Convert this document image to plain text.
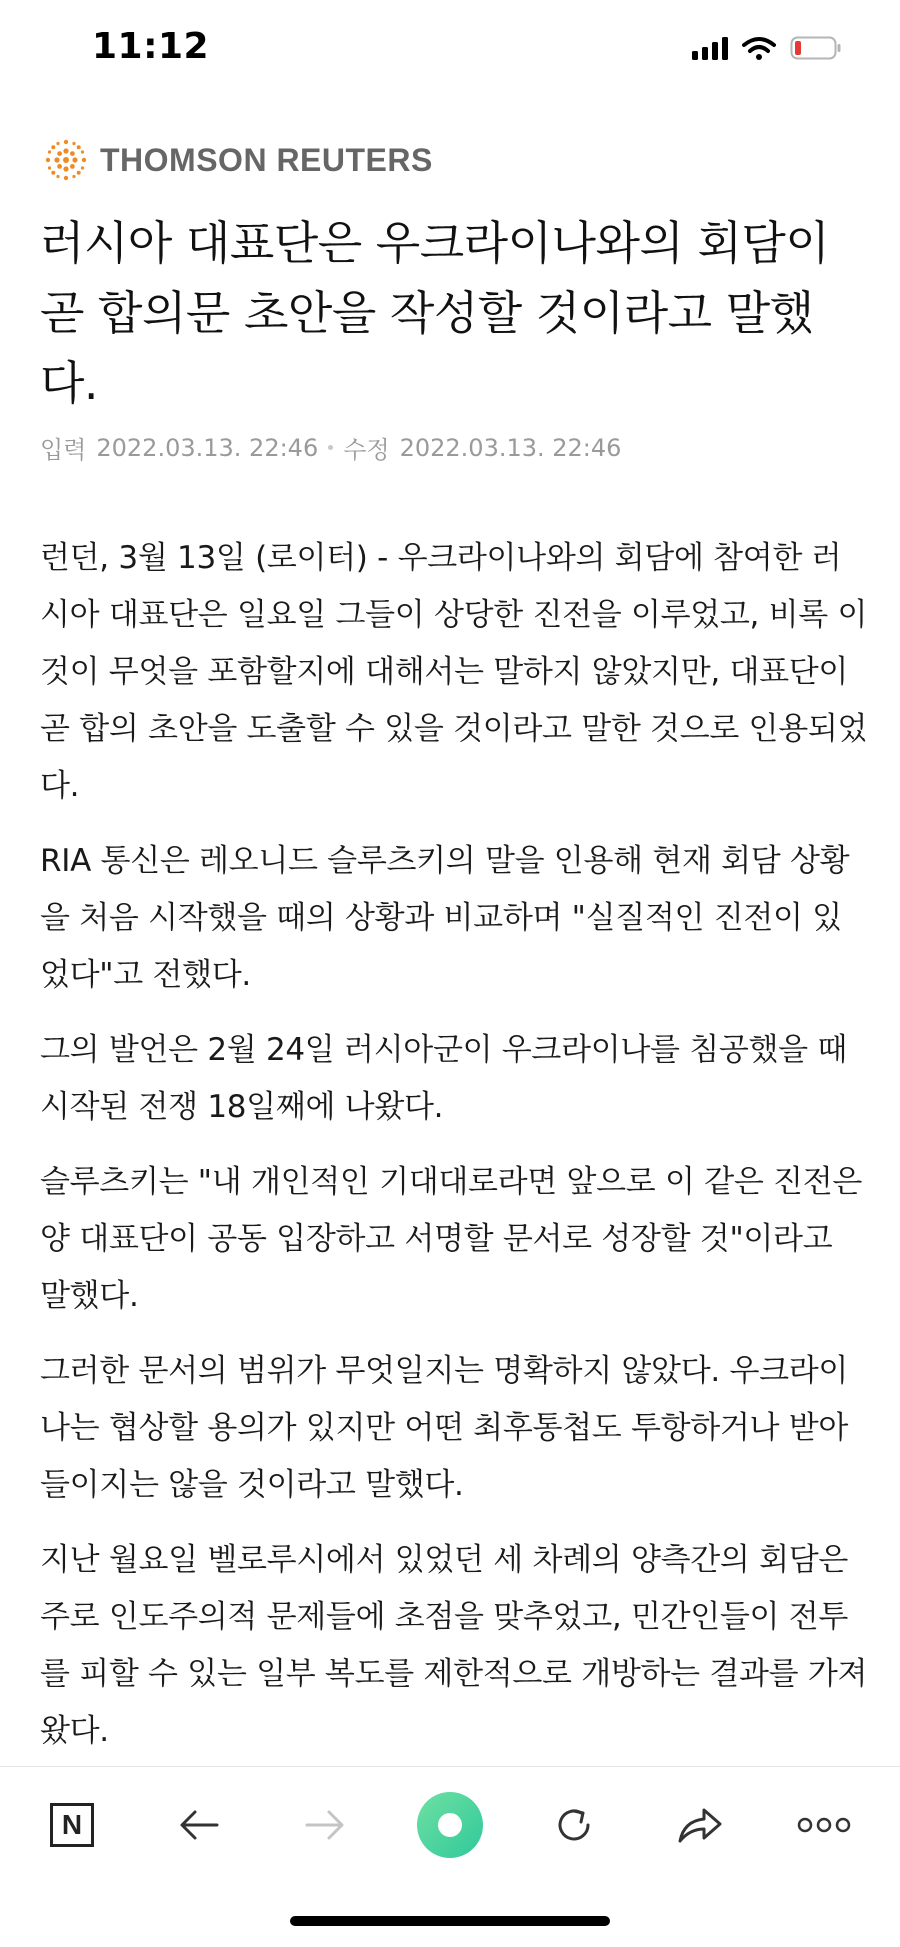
11:12
THOMSON REUTERS
러시아 대표단은 우크라이나와의 회담이 곧 합의문 초안을 작성할 것이라고 말했다.
입력 2022.03.13. 22:46 수정 2022.03.13. 22:46

런던, 3월 13일 (로이터) - 우크라이나와의 회담에 참여한 러시아 대표단은 일요일 그들이 상당한 진전을 이루었고, 비록 이것이 무엇을 포함할지에 대해서는 말하지 않았지만, 대표단이 곧 합의 초안을 도출할 수 있을 것이라고 말한 것으로 인용되었다.

RIA 통신은 레오니드 슬루츠키의 말을 인용해 현재 회담 상황을 처음 시작했을 때의 상황과 비교하며 "실질적인 진전이 있었다"고 전했다.

그의 발언은 2월 24일 러시아군이 우크라이나를 침공했을 때 시작된 전쟁 18일째에 나왔다.

슬루츠키는 "내 개인적인 기대대로라면 앞으로 이 같은 진전은 양 대표단이 공동 입장하고 서명할 문서로 성장할 것"이라고 말했다.

그러한 문서의 범위가 무엇일지는 명확하지 않았다. 우크라이나는 협상할 용의가 있지만 어떤 최후통첩도 투항하거나 받아들이지는 않을 것이라고 말했다.

지난 월요일 벨로루시에서 있었던 세 차례의 양측간의 회담은 주로 인도주의적 문제들에 초점을 맞추었고, 민간인들이 전투를 피할 수 있는 일부 복도를 제한적으로 개방하는 결과를 가져왔다.

N
